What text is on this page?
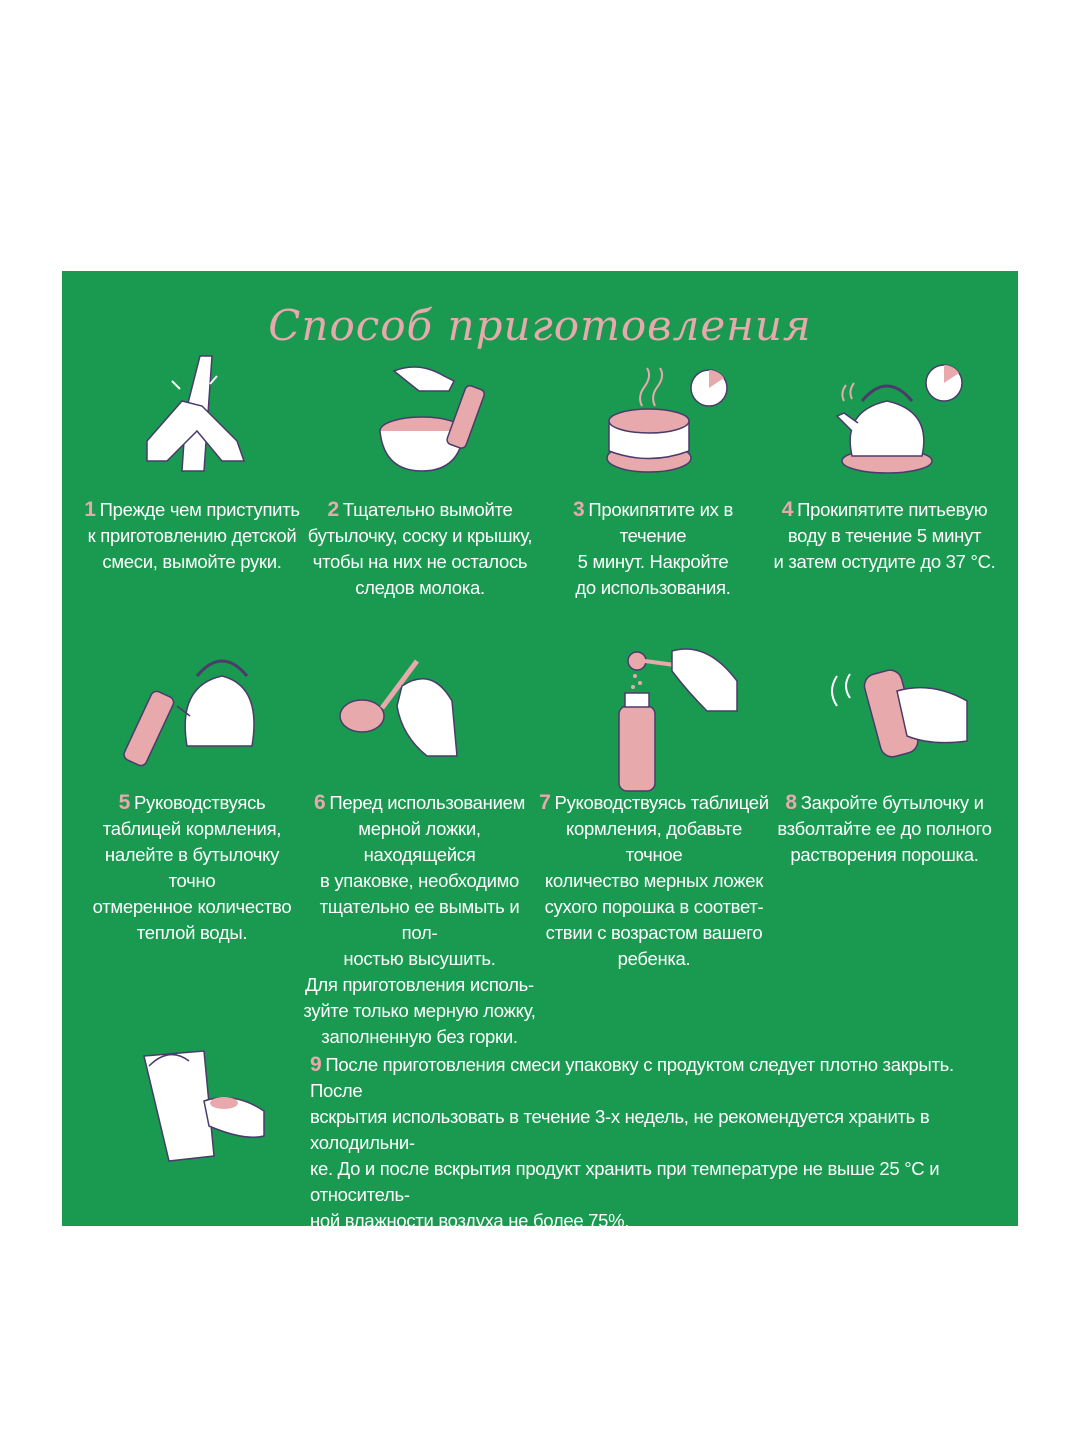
Способ приготовления
1 Прежде чем приступить
к приготовлению детской
смеси, вымойте руки.
2 Тщательно вымойте
бутылочку, соску и крышку,
чтобы на них не осталось
следов молока.
3 Прокипятите их в течение
5 минут. Накройте
до использования.
4 Прокипятите питьевую
воду в течение 5 минут
и затем остудите до 37 °С.
5 Руководствуясь
таблицей кормления,
налейте в бутылочку точно
отмеренное количество
теплой воды.
6 Перед использованием
мерной ложки, находящейся
в упаковке, необходимо
тщательно ее вымыть и пол-
ностью высушить.
Для приготовления исполь-
зуйте только мерную ложку,
заполненную без горки.
7 Руководствуясь таблицей
кормления, добавьте точное
количество мерных ложек
сухого порошка в соответ-
ствии с возрастом вашего
ребенка.
8 Закройте бутылочку и
взболтайте ее до полного
растворения порошка.
9 После приготовления смеси упаковку с продуктом следует плотно закрыть. После
вскрытия использовать в течение 3-х недель, не рекомендуется хранить в холодильни-
ке. До и после вскрытия продукт хранить при температуре не выше 25 °С и относитель-
ной влажности воздуха не более 75%.
